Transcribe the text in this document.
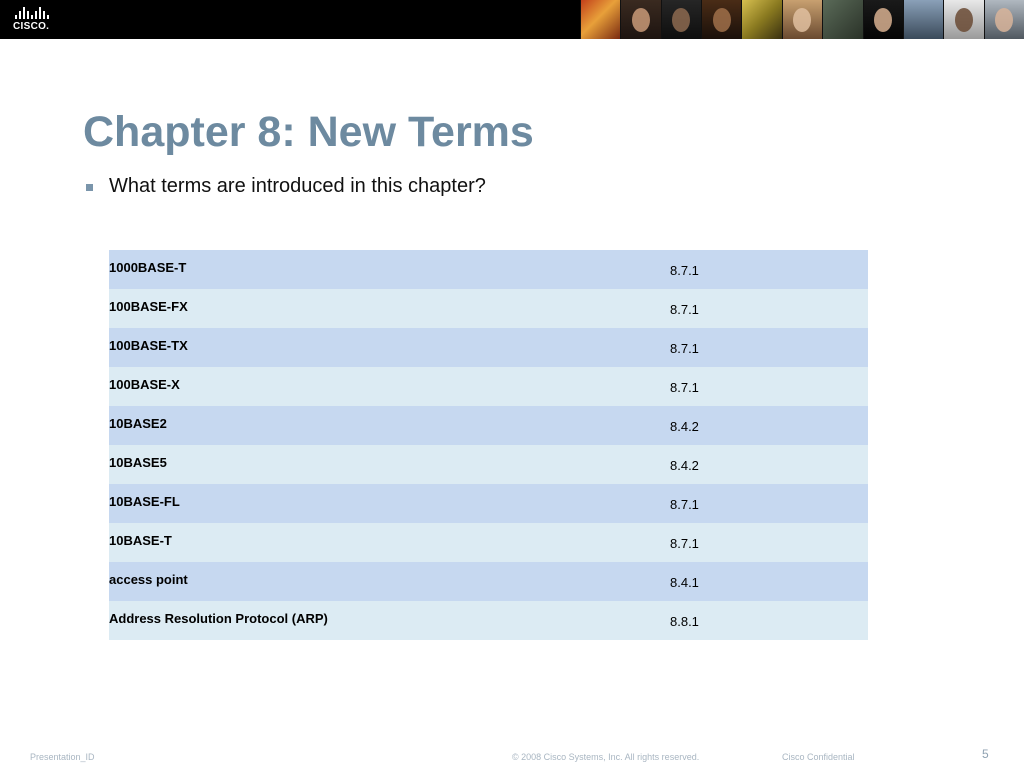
CISCO.
Chapter 8: New Terms
What terms are introduced in this chapter?
1000BASE-T	8.7.1
100BASE-FX	8.7.1
100BASE-TX	8.7.1
100BASE-X	8.7.1
10BASE2	8.4.2
10BASE5	8.4.2
10BASE-FL	8.7.1
10BASE-T	8.7.1
access point	8.4.1
Address Resolution Protocol (ARP)	8.8.1
Presentation_ID	© 2008 Cisco Systems, Inc. All rights reserved.	Cisco Confidential	5
